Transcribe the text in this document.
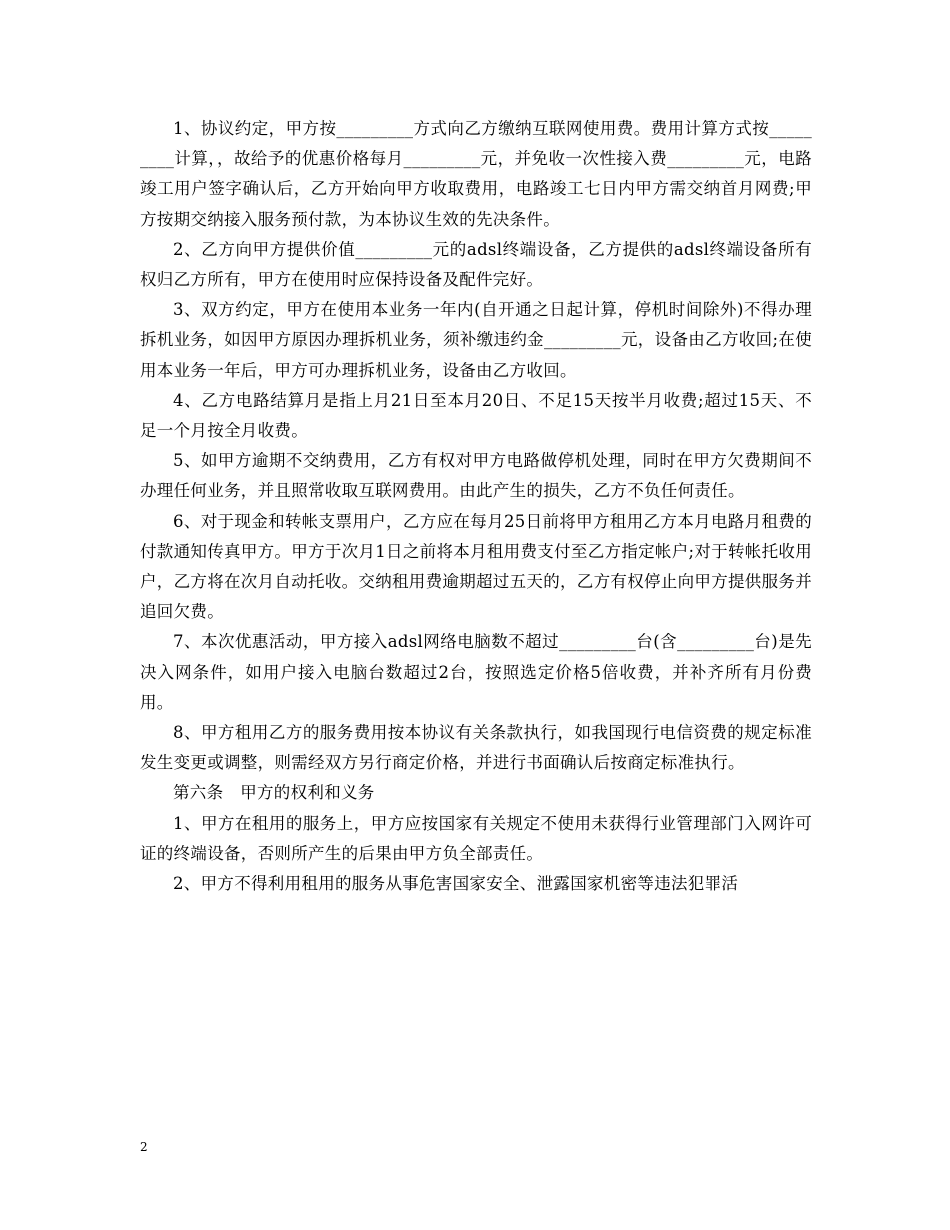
1、协议约定，甲方按_________方式向乙方缴纳互联网使用费。费用计算方式按_________计算，，故给予的优惠价格每月_________元，并免收一次性接入费_________元，电路竣工用户签字确认后，乙方开始向甲方收取费用，电路竣工七日内甲方需交纳首月网费;甲方按期交纳接入服务预付款，为本协议生效的先决条件。

2、乙方向甲方提供价值_________元的adsl终端设备，乙方提供的adsl终端设备所有权归乙方所有，甲方在使用时应保持设备及配件完好。

3、双方约定，甲方在使用本业务一年内(自开通之日起计算，停机时间除外)不得办理拆机业务，如因甲方原因办理拆机业务，须补缴违约金_________元，设备由乙方收回;在使用本业务一年后，甲方可办理拆机业务，设备由乙方收回。

4、乙方电路结算月是指上月21日至本月20日、不足15天按半月收费;超过15天、不足一个月按全月收费。

5、如甲方逾期不交纳费用，乙方有权对甲方电路做停机处理，同时在甲方欠费期间不办理任何业务，并且照常收取互联网费用。由此产生的损失，乙方不负任何责任。

6、对于现金和转帐支票用户，乙方应在每月25日前将甲方租用乙方本月电路月租费的付款通知传真甲方。甲方于次月1日之前将本月租用费支付至乙方指定帐户;对于转帐托收用户，乙方将在次月自动托收。交纳租用费逾期超过五天的，乙方有权停止向甲方提供服务并追回欠费。

7、本次优惠活动，甲方接入adsl网络电脑数不超过_________台(含_________台)是先决入网条件，如用户接入电脑台数超过2台，按照选定价格5倍收费，并补齐所有月份费用。

8、甲方租用乙方的服务费用按本协议有关条款执行，如我国现行电信资费的规定标准发生变更或调整，则需经双方另行商定价格，并进行书面确认后按商定标准执行。

第六条　甲方的权利和义务

1、甲方在租用的服务上，甲方应按国家有关规定不使用未获得行业管理部门入网许可证的终端设备，否则所产生的后果由甲方负全部责任。

2、甲方不得利用租用的服务从事危害国家安全、泄露国家机密等违法犯罪活

2
